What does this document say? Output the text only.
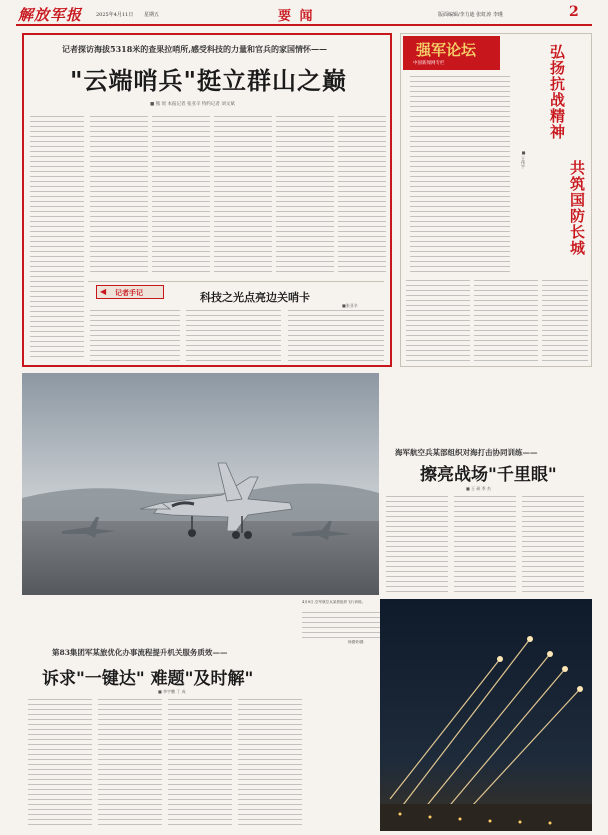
解放军报	2025年4月11日 星期五	要 闻	版面编辑/李力迪 张虹涛 李瑾	2
记者探访海拔5318米的查果拉哨所,感受科技的力量和官兵的家国情怀——
"云端哨兵"挺立群山之巅
■ 熊 瑶 本报记者 张亚辛 特约记者 刘文斌
◀ 记者手记	科技之光点亮边关哨卡
■张亚辛
强军论坛
中国新闻网专栏	弘扬抗战精神
共筑国防长城
■ 王伟宇
海军航空兵某部组织对海打击协同训练——
擦亮战场"千里眼"
■ 王 硕 季 杰
4月8日,空军航空兵某旅组织飞行训练。
杨德荣/摄
第83集团军某旅优化办事流程提升机关服务质效——
诉求"一键达" 难题"及时解"
■ 李宇鹏 丁 成
